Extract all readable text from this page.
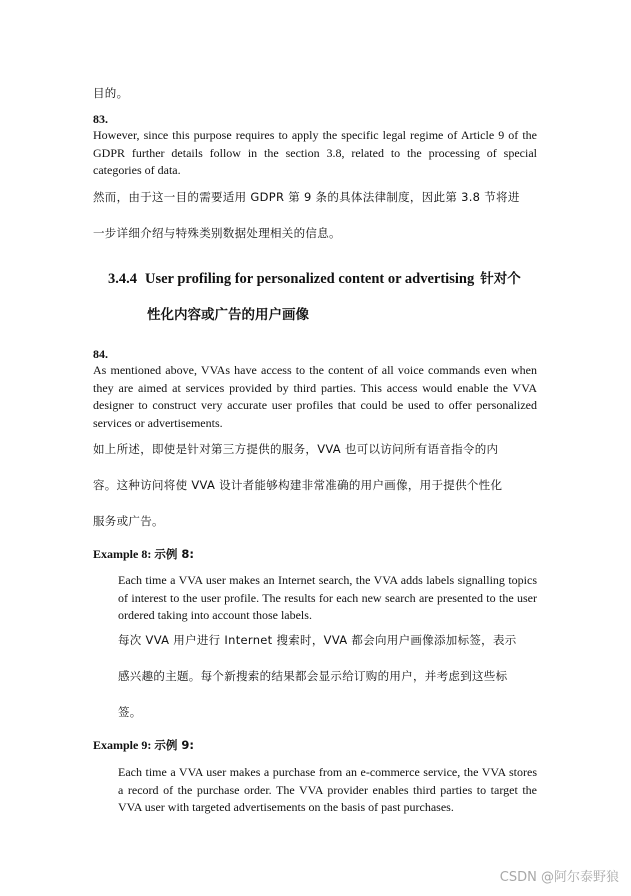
目的。

83.

However, since this purpose requires to apply the specific legal regime of Article 9 of the GDPR further details follow in the section 3.8, related to the processing of special categories of data.

然而，由于这一目的需要适用 GDPR 第 9 条的具体法律制度，因此第 3.8 节将进

一步详细介绍与特殊类别数据处理相关的信息。

3.4.4 User profiling for personalized content or advertising 针对个
性化内容或广告的用户画像

84.

As mentioned above, VVAs have access to the content of all voice commands even when they are aimed at services provided by third parties. This access would enable the VVA designer to construct very accurate user profiles that could be used to offer personalized services or advertisements.

如上所述，即使是针对第三方提供的服务，VVA 也可以访问所有语音指令的内

容。这种访问将使 VVA 设计者能够构建非常准确的用户画像，用于提供个性化

服务或广告。

Example 8: 示例 8:

Each time a VVA user makes an Internet search, the VVA adds labels signalling topics of interest to the user profile. The results for each new search are presented to the user ordered taking into account those labels.

每次 VVA 用户进行 Internet 搜索时，VVA 都会向用户画像添加标签，表示

感兴趣的主题。每个新搜索的结果都会显示给订购的用户，并考虑到这些标

签。

Example 9: 示例 9:

Each time a VVA user makes a purchase from an e-commerce service, the VVA stores a record of the purchase order. The VVA provider enables third parties to target the VVA user with targeted advertisements on the basis of past purchases.

CSDN @阿尔泰野狼
